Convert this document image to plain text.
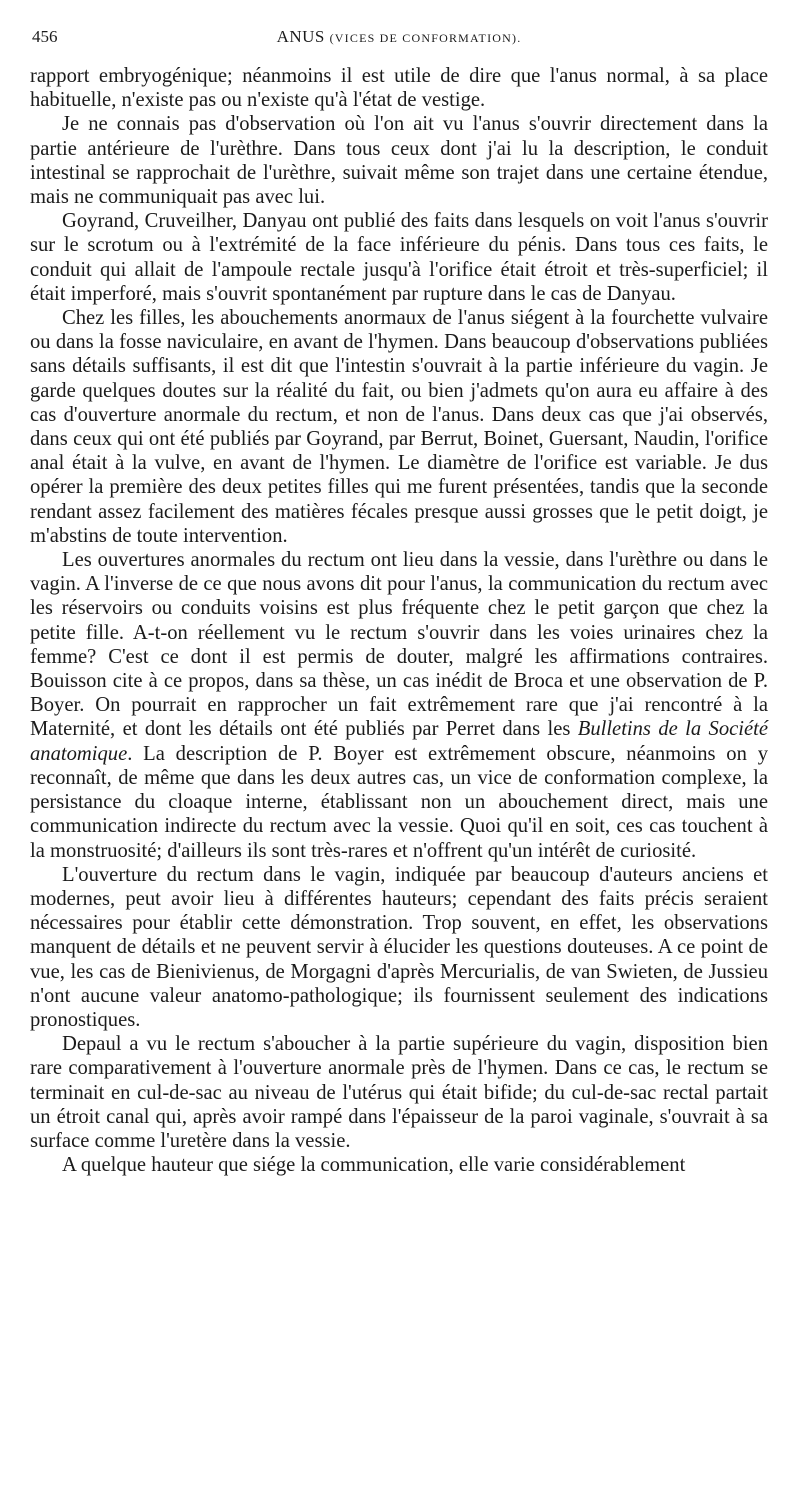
456	ANUS (VICES DE CONFORMATION).

rapport embryogénique; néanmoins il est utile de dire que l'anus normal, à sa place habituelle, n'existe pas ou n'existe qu'à l'état de vestige.

Je ne connais pas d'observation où l'on ait vu l'anus s'ouvrir directement dans la partie antérieure de l'urèthre. Dans tous ceux dont j'ai lu la description, le conduit intestinal se rapprochait de l'urèthre, suivait même son trajet dans une certaine étendue, mais ne communiquait pas avec lui.

Goyrand, Cruveilher, Danyau ont publié des faits dans lesquels on voit l'anus s'ouvrir sur le scrotum ou à l'extrémité de la face inférieure du pénis. Dans tous ces faits, le conduit qui allait de l'ampoule rectale jusqu'à l'orifice était étroit et très-superficiel; il était imperforé, mais s'ouvrit spontanément par rupture dans le cas de Danyau.

Chez les filles, les abouchements anormaux de l'anus siégent à la fourchette vulvaire ou dans la fosse naviculaire, en avant de l'hymen. Dans beaucoup d'observations publiées sans détails suffisants, il est dit que l'intestin s'ouvrait à la partie inférieure du vagin. Je garde quelques doutes sur la réalité du fait, ou bien j'admets qu'on aura eu affaire à des cas d'ouverture anormale du rectum, et non de l'anus. Dans deux cas que j'ai observés, dans ceux qui ont été publiés par Goyrand, par Berrut, Boinet, Guersant, Naudin, l'orifice anal était à la vulve, en avant de l'hymen. Le diamètre de l'orifice est variable. Je dus opérer la première des deux petites filles qui me furent présentées, tandis que la seconde rendant assez facilement des matières fécales presque aussi grosses que le petit doigt, je m'abstins de toute intervention.

Les ouvertures anormales du rectum ont lieu dans la vessie, dans l'urèthre ou dans le vagin. A l'inverse de ce que nous avons dit pour l'anus, la communication du rectum avec les réservoirs ou conduits voisins est plus fréquente chez le petit garçon que chez la petite fille. A-t-on réellement vu le rectum s'ouvrir dans les voies urinaires chez la femme? C'est ce dont il est permis de douter, malgré les affirmations contraires. Bouisson cite à ce propos, dans sa thèse, un cas inédit de Broca et une observation de P. Boyer. On pourrait en rapprocher un fait extrêmement rare que j'ai rencontré à la Maternité, et dont les détails ont été publiés par Perret dans les Bulletins de la Société anatomique. La description de P. Boyer est extrêmement obscure, néanmoins on y reconnaît, de même que dans les deux autres cas, un vice de conformation complexe, la persistance du cloaque interne, établissant non un abouchement direct, mais une communication indirecte du rectum avec la vessie. Quoi qu'il en soit, ces cas touchent à la monstruosité; d'ailleurs ils sont très-rares et n'offrent qu'un intérêt de curiosité.

L'ouverture du rectum dans le vagin, indiquée par beaucoup d'auteurs anciens et modernes, peut avoir lieu à différentes hauteurs; cependant des faits précis seraient nécessaires pour établir cette démonstration. Trop souvent, en effet, les observations manquent de détails et ne peuvent servir à élucider les questions douteuses. A ce point de vue, les cas de Bienivienus, de Morgagni d'après Mercurialis, de van Swieten, de Jussieu n'ont aucune valeur anatomo-pathologique; ils fournissent seulement des indications pronostiques.

Depaul a vu le rectum s'aboucher à la partie supérieure du vagin, disposition bien rare comparativement à l'ouverture anormale près de l'hymen. Dans ce cas, le rectum se terminait en cul-de-sac au niveau de l'utérus qui était bifide; du cul-de-sac rectal partait un étroit canal qui, après avoir rampé dans l'épaisseur de la paroi vaginale, s'ouvrait à sa surface comme l'uretère dans la vessie.

A quelque hauteur que siége la communication, elle varie considérablement
